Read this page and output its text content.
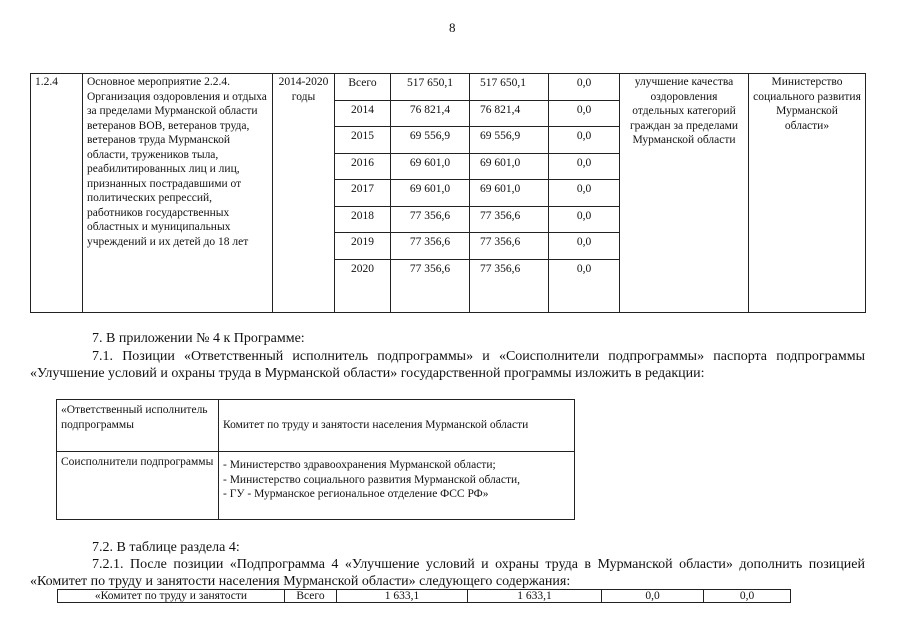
8
1.2.4	Основное мероприятие 2.2.4. Организация оздоровления и отдыха за пределами Мурманской области ветеранов ВОВ, ветеранов труда, ветеранов труда Мурманской области, тружеников тыла, реабилитированных лиц и лиц, признанных пострадавшими от политических репрессий, работников государственных областных и муниципальных учреждений и их детей до 18 лет	2014-2020 годы	Всего	517 650,1	517 650,1	0,0	улучшение качества оздоровления отдельных категорий граждан за пределами Мурманской области	Министерство социального развития Мурманской области»
			2014	76 821,4	76 821,4	0,0		
			2015	69 556,9	69 556,9	0,0		
			2016	69 601,0	69 601,0	0,0		
			2017	69 601,0	69 601,0	0,0		
			2018	77 356,6	77 356,6	0,0		
			2019	77 356,6	77 356,6	0,0		
			2020	77 356,6	77 356,6	0,0		
7. В приложении № 4 к Программе:
7.1. Позиции «Ответственный исполнитель подпрограммы» и «Соисполнители подпрограммы» паспорта подпрограммы «Улучшение условий и охраны труда в Мурманской области» государственной программы изложить в редакции:
«Ответственный исполнитель подпрограммы	Комитет по труду и занятости населения Мурманской области
Соисполнители подпрограммы	- Министерство здравоохранения Мурманской области;
- Министерство социального развития Мурманской области,
- ГУ - Мурманское региональное отделение ФСС РФ»
7.2. В таблице раздела 4:
7.2.1. После позиции «Подпрограмма 4 «Улучшение условий и охраны труда в Мурманской области» дополнить позицией «Комитет по труду и занятости населения Мурманской области» следующего содержания:
«Комитет по труду и занятости	Всего	1 633,1	1 633,1	0,0	0,0
